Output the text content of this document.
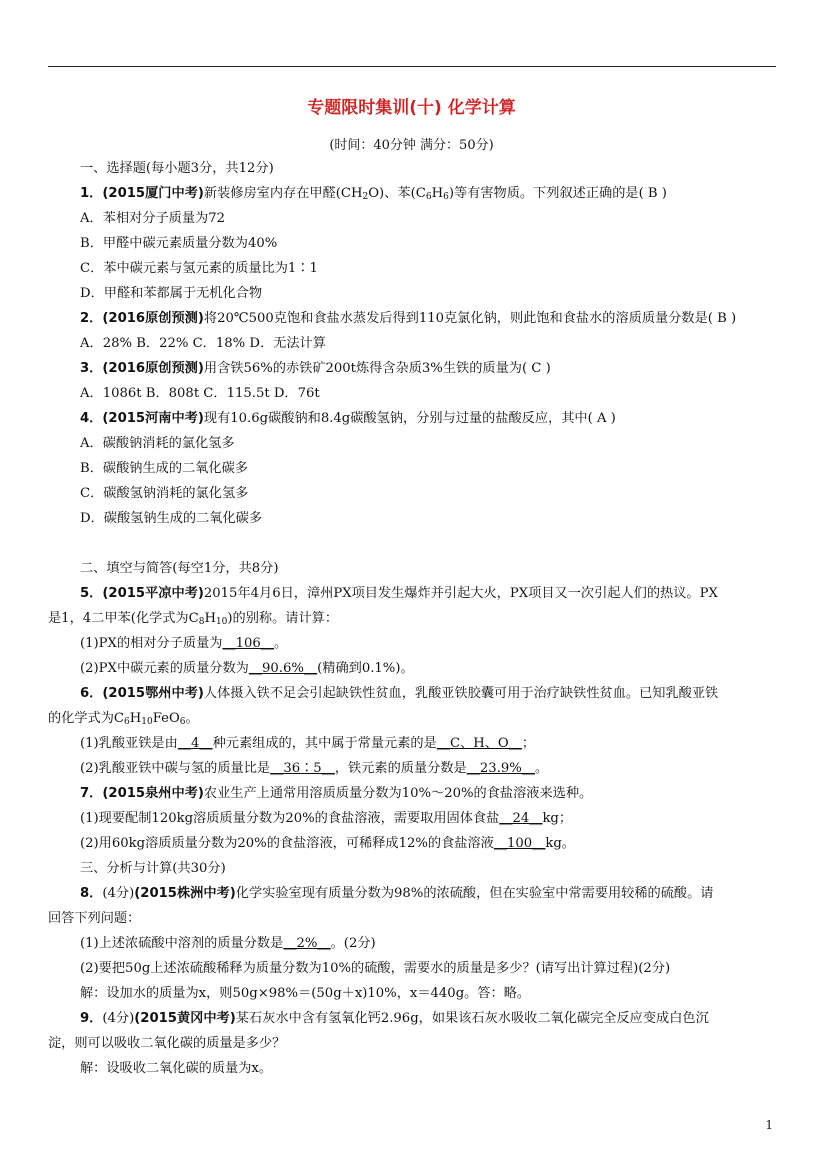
专题限时集训(十) 化学计算
(时间：40分钟 满分：50分)
一、选择题(每小题3分，共12分)
1．(2015厦门中考)新装修房室内存在甲醛$(CH_2O)$、苯$(C_6H_6)$等有害物质。下列叙述正确的是( B )
A．苯相对分子质量为72
B．甲醛中碳元素质量分数为40%
C．苯中碳元素与氢元素的质量比为1∶1
D．甲醛和苯都属于无机化合物
2．(2016原创预测)将20℃500克饱和食盐水蒸发后得到110克氯化钠，则此饱和食盐水的溶质质量分数是( B )
A．28% B．22% C．18% D．无法计算
3．(2016原创预测)用含铁56%的赤铁矿200t炼得含杂质3%生铁的质量为( C )
A．1086t B．808t C．115.5t D．76t
4．(2015河南中考)现有10.6g碳酸钠和8.4g碳酸氢钠，分别与过量的盐酸反应，其中( A )
A．碳酸钠消耗的氯化氢多
B．碳酸钠生成的二氧化碳多
C．碳酸氢钠消耗的氯化氢多
D．碳酸氢钠生成的二氧化碳多
二、填空与简答(每空1分，共8分)
5．(2015平凉中考)2015年4月6日，漳州PX项目发生爆炸并引起大火，PX项目又一次引起人们的热议。PX
是1，4二甲苯(化学式为$C_8H_{10}$)的别称。请计算：
(1)PX的相对分子质量为__106__。
(2)PX中碳元素的质量分数为__90.6%__(精确到0.1%)。
6．(2015鄂州中考)人体摄入铁不足会引起缺铁性贫血，乳酸亚铁胶囊可用于治疗缺铁性贫血。已知乳酸亚铁
的化学式为$C_6H_{10}FeO_6$。
(1)乳酸亚铁是由__4__种元素组成的，其中属于常量元素的是__C、H、O__；
(2)乳酸亚铁中碳与氢的质量比是__36∶5__，铁元素的质量分数是__23.9%__。
7．(2015泉州中考)农业生产上通常用溶质质量分数为10%～20%的食盐溶液来选种。
(1)现要配制120kg溶质质量分数为20%的食盐溶液，需要取用固体食盐__24__kg；
(2)用60kg溶质质量分数为20%的食盐溶液，可稀释成12%的食盐溶液__100__kg。
三、分析与计算(共30分)
8．(4分)(2015株洲中考)化学实验室现有质量分数为98%的浓硫酸，但在实验室中常需要用较稀的硫酸。请
回答下列问题：
(1)上述浓硫酸中溶剂的质量分数是__2%__。(2分)
(2)要把50g上述浓硫酸稀释为质量分数为10%的硫酸，需要水的质量是多少？(请写出计算过程)(2分)
解：设加水的质量为x，则50g×98%＝(50g＋x)10%，x＝440g。答：略。
9．(4分)(2015黄冈中考)某石灰水中含有氢氧化钙2.96g，如果该石灰水吸收二氧化碳完全反应变成白色沉
淀，则可以吸收二氧化碳的质量是多少？
解：设吸收二氧化碳的质量为x。
1
